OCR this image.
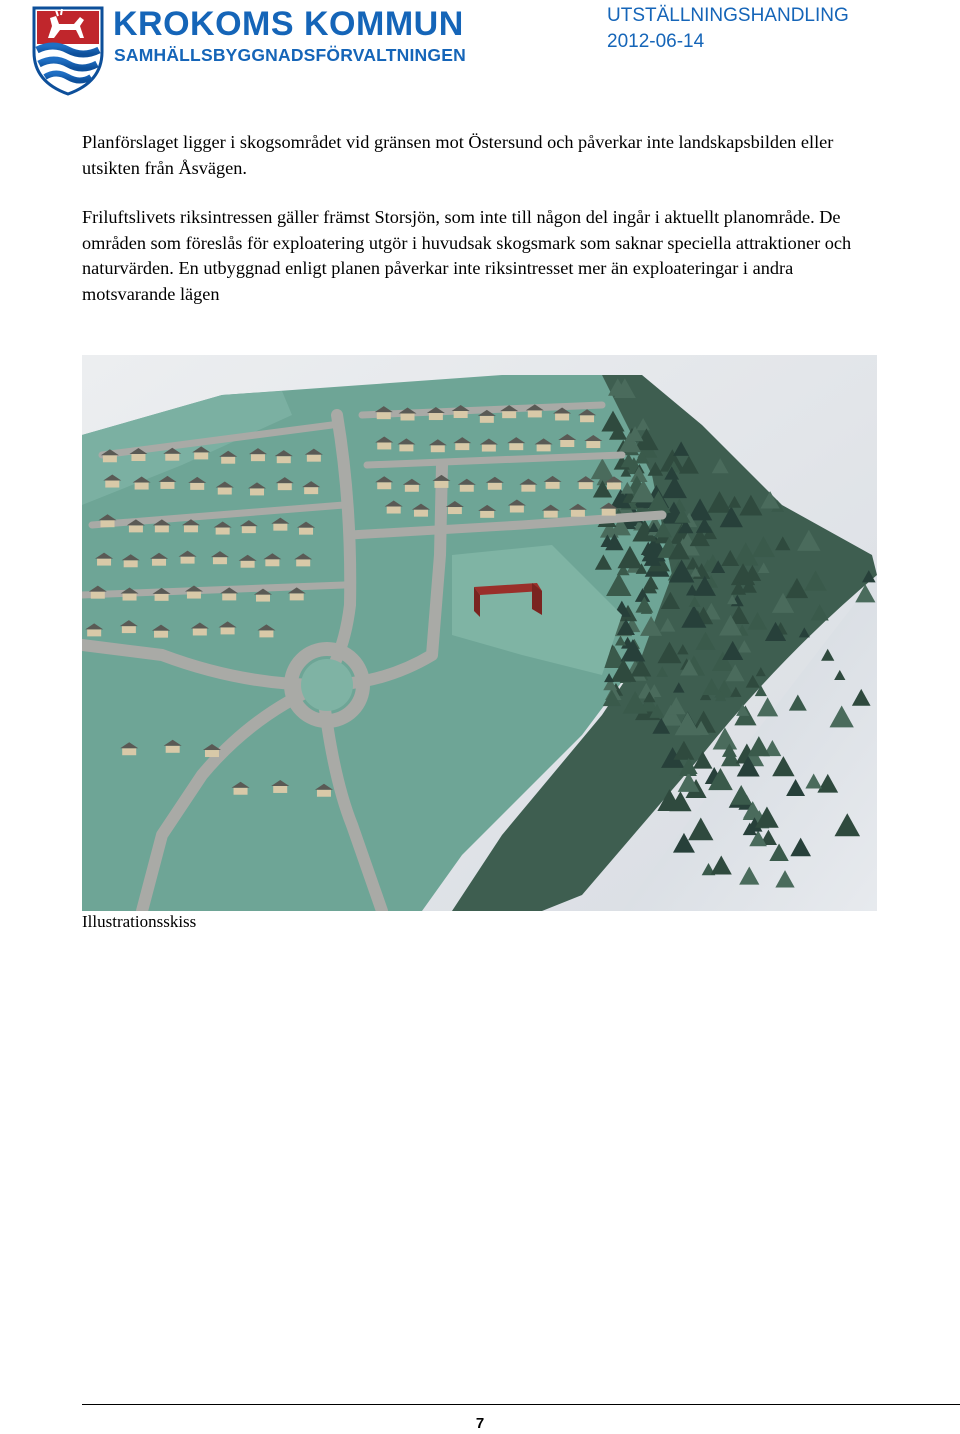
KROKOMS KOMMUN
SAMHÄLLSBYGGNADSFÖRVALTNINGEN
UTSTÄLLNINGSHANDLING
2012-06-14

Planförslaget ligger i skogsområdet vid gränsen mot Östersund och påverkar inte landskapsbilden eller utsikten från Åsvägen.

Friluftslivets riksintressen gäller främst Storsjön, som inte till någon del ingår i aktuellt planområde. De områden som föreslås för exploatering utgör i huvudsak skogsmark som saknar speciella attraktioner och naturvärden. En utbyggnad enligt planen påverkar inte riksintresset mer än exploateringar i andra motsvarande lägen

Illustrationsskiss
7
